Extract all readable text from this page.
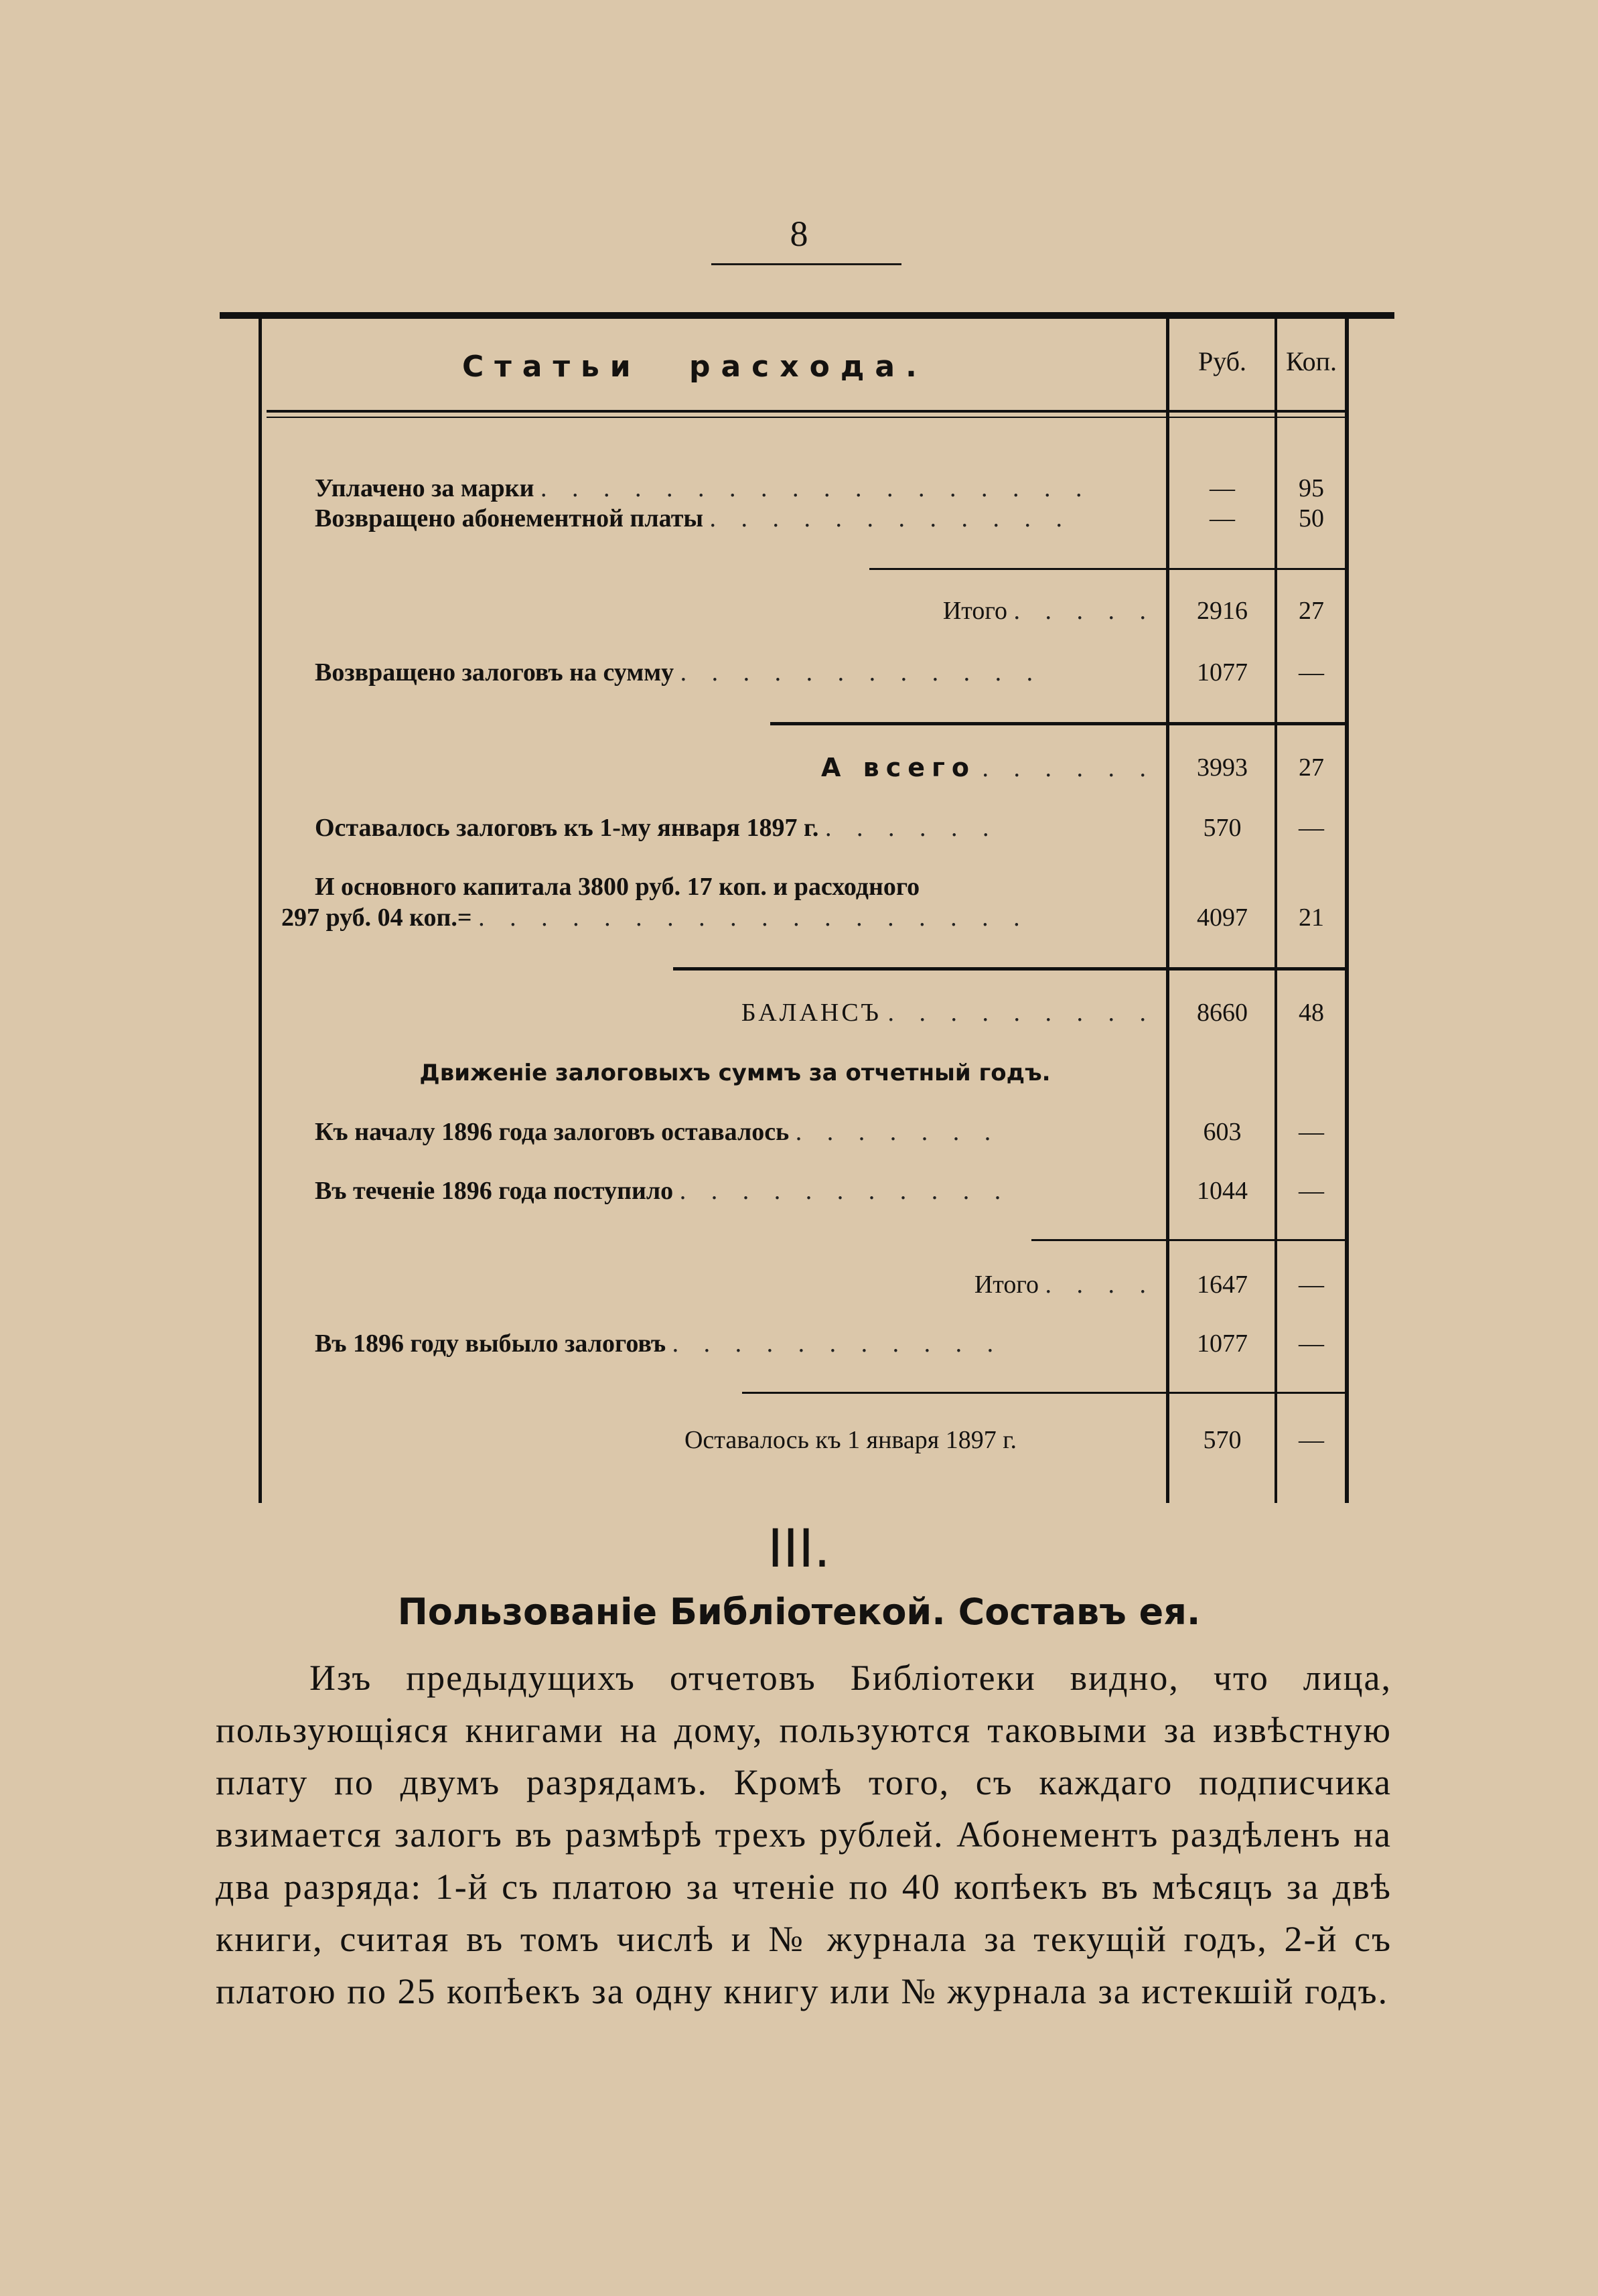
8
Статьи расхода.	Руб.	Коп.
Уплачено за марки . . . . . . . . . . . . . . . . . .	—	95
Возвращено абонементной платы . . . . . . . . . . . .	—	50
Итого . . . . .	2916	27
Возвращено залоговъ на сумму . . . . . . . . . . . .	1077	—
А всего . . . . . .	3993	27
Оставалось залоговъ къ 1-му января 1897 г. . . . . . .	570	—
И основного капитала 3800 руб. 17 коп. и расходного
297 руб. 04 коп.= . . . . . . . . . . . . . . . . . .	4097	21
БАЛАНСЪ . . . . . . . . .	8660	48
Движеніе залоговыхъ суммъ за отчетный годъ.
Къ началу 1896 года залоговъ оставалось . . . . . . .	603	—
Въ теченіе 1896 года поступило . . . . . . . . . . .	1044	—
Итого . . . .	1647	—
Въ 1896 году выбыло залоговъ . . . . . . . . . . .	1077	—
Оставалось къ 1 января 1897 г.	570	—
III.
Пользованіе Библіотекой. Составъ ея.
Изъ предыдущихъ отчетовъ Библіотеки видно, что лица, пользующіяся книгами на дому, пользуются таковыми за извѣстную плату по двумъ разрядамъ. Кромѣ того, съ каждаго подписчика взимается залогъ въ размѣрѣ трехъ рублей. Абонементъ раздѣленъ на два разряда: 1-й съ платою за чтеніе по 40 копѣекъ въ мѣсяцъ за двѣ книги, считая въ томъ числѣ и № журнала за текущій годъ, 2-й съ платою по 25 копѣекъ за одну книгу или № журнала за истекшій годъ.
